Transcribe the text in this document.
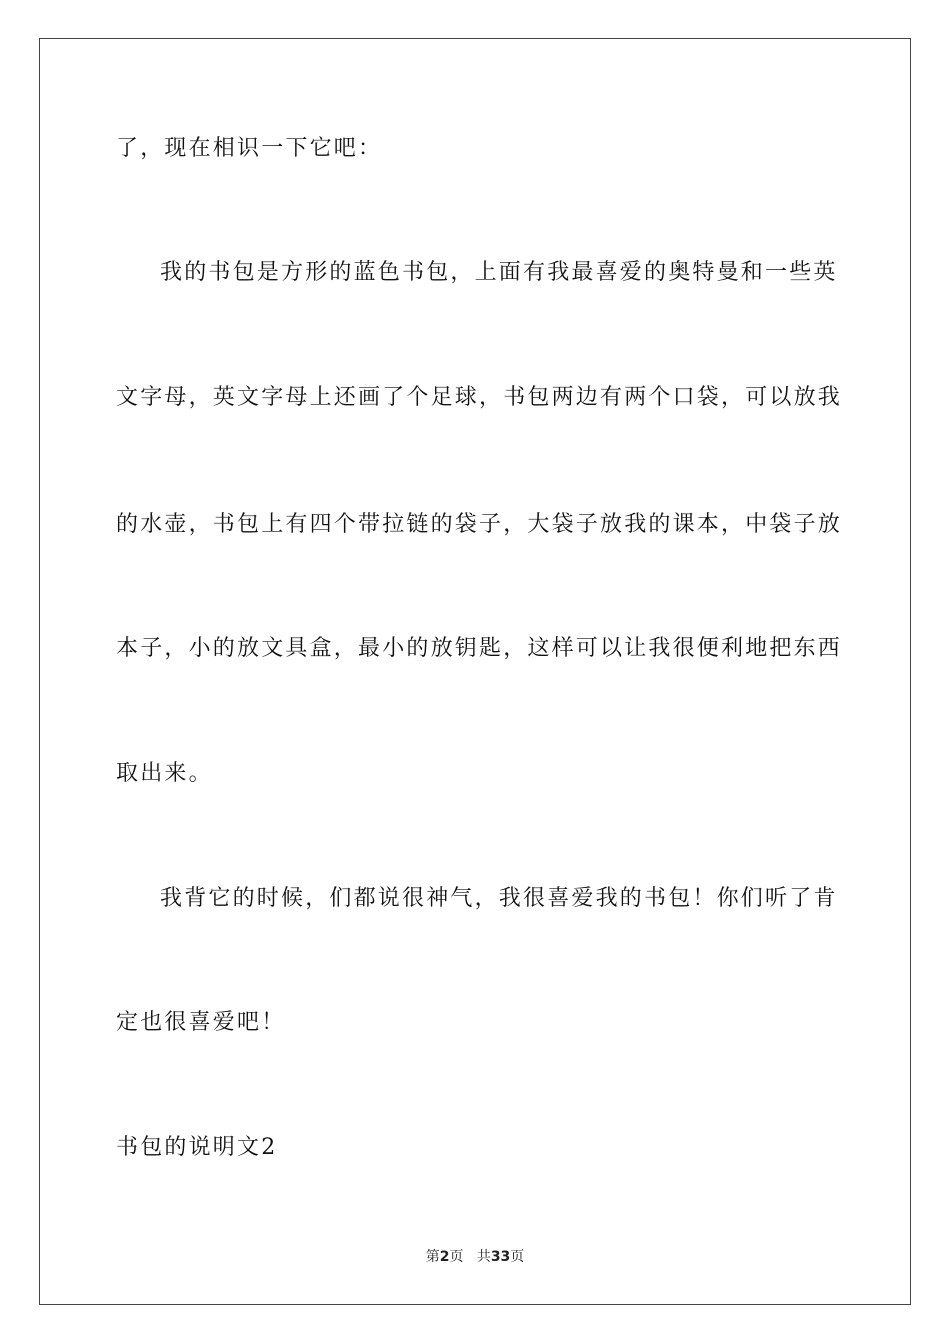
了，现在相识一下它吧：
我的书包是方形的蓝色书包，上面有我最喜爱的奥特曼和一些英
文字母，英文字母上还画了个足球，书包两边有两个口袋，可以放我
的水壶，书包上有四个带拉链的袋子，大袋子放我的课本，中袋子放
本子，小的放文具盒，最小的放钥匙，这样可以让我很便利地把东西
取出来。
我背它的时候，们都说很神气，我很喜爱我的书包！你们听了肯
定也很喜爱吧！
书包的说明文2
第2页 共33页
